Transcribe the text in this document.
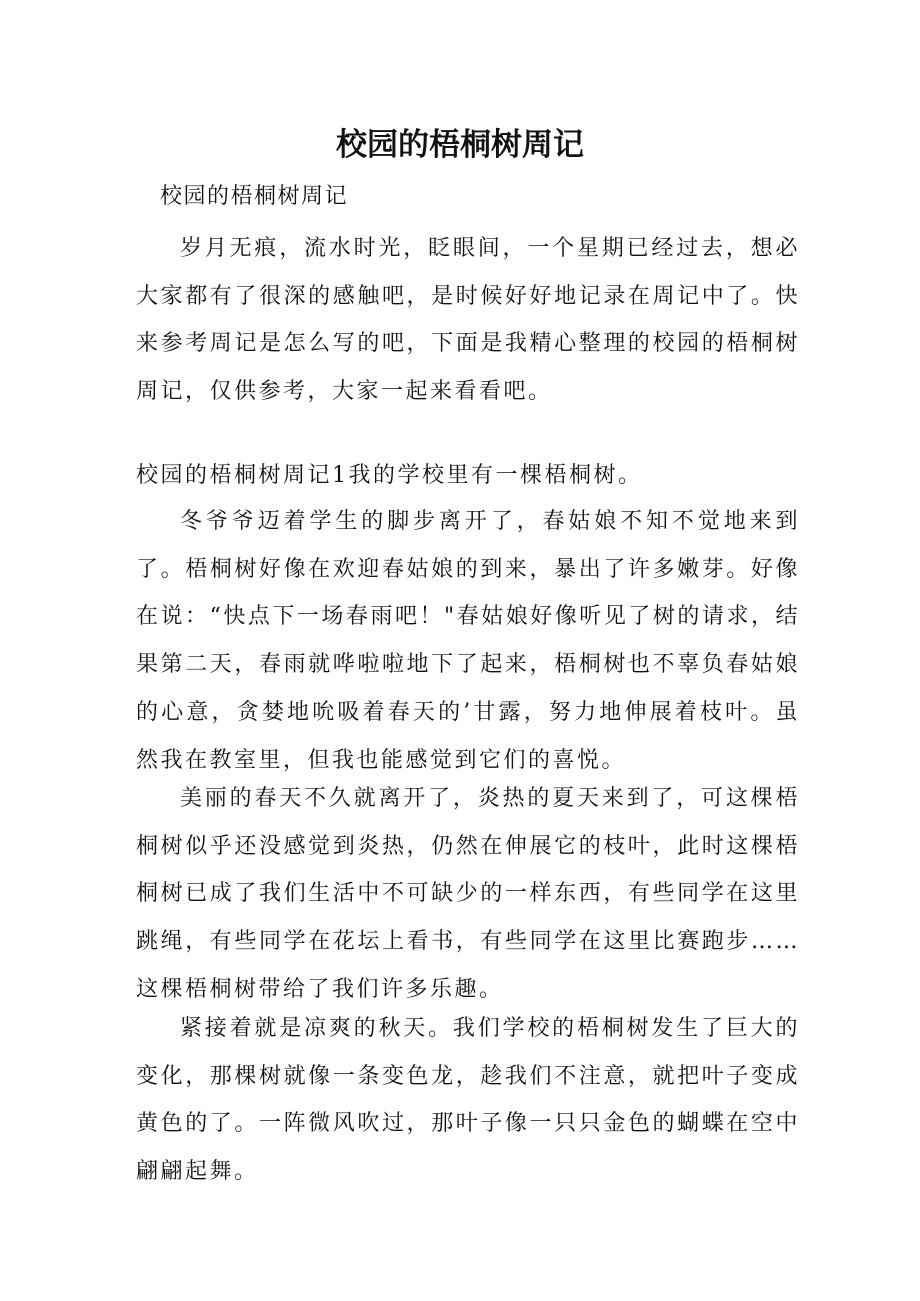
校园的梧桐树周记

校园的梧桐树周记

岁月无痕，流水时光，眨眼间，一个星期已经过去，想必大家都有了很深的感触吧，是时候好好地记录在周记中了。快来参考周记是怎么写的吧，下面是我精心整理的校园的梧桐树周记，仅供参考，大家一起来看看吧。

校园的梧桐树周记1我的学校里有一棵梧桐树。

冬爷爷迈着学生的脚步离开了，春姑娘不知不觉地来到了。梧桐树好像在欢迎春姑娘的到来，暴出了许多嫩芽。好像在说：“快点下一场春雨吧！"春姑娘好像听见了树的请求，结果第二天，春雨就哗啦啦地下了起来，梧桐树也不辜负春姑娘的心意，贪婪地吮吸着春天的’甘露，努力地伸展着枝叶。虽然我在教室里，但我也能感觉到它们的喜悦。

美丽的春天不久就离开了，炎热的夏天来到了，可这棵梧桐树似乎还没感觉到炎热，仍然在伸展它的枝叶，此时这棵梧桐树已成了我们生活中不可缺少的一样东西，有些同学在这里跳绳，有些同学在花坛上看书，有些同学在这里比赛跑步……这棵梧桐树带给了我们许多乐趣。

紧接着就是凉爽的秋天。我们学校的梧桐树发生了巨大的变化，那棵树就像一条变色龙，趁我们不注意，就把叶子变成黄色的了。一阵微风吹过，那叶子像一只只金色的蝴蝶在空中翩翩起舞。
